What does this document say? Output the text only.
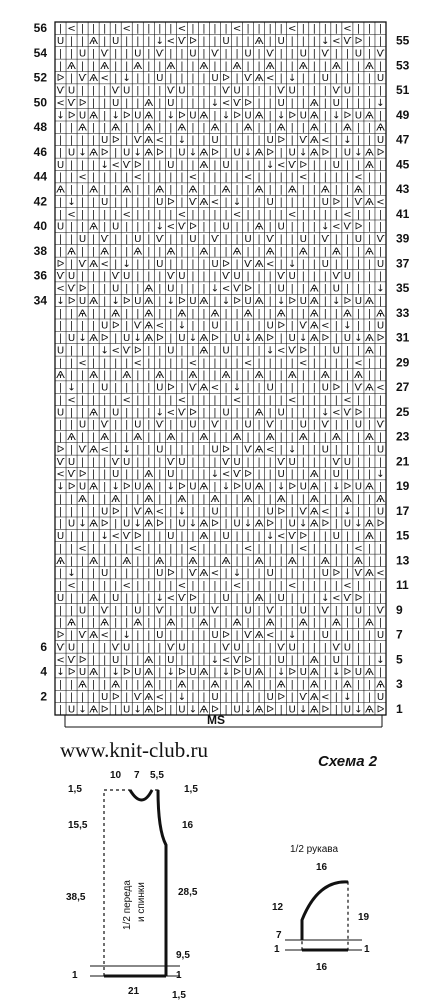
| U ↓ Ѧ ᐅ | U ↓ Ѧ ᐅ | U ↓ Ѧ ᐅ | U ↓ Ѧ ᐅ | U ↓ Ѧ ᐅ | U ↓ Ѧ ᐅ
| | | | U ᐅ | Ѵ Ѧ < | ↓ | | U | | | | U ᐅ | Ѵ Ѧ < | ↓ | | U
| | Ѧ | | Ѧ | | Ѧ | | Ѧ | | Ѧ | | Ѧ | | Ѧ | | Ѧ | | Ѧ | | Ѧ
↓ ᐅ U Ѧ | ↓ ᐅ U Ѧ | ↓ ᐅ U Ѧ | ↓ ᐅ U Ѧ | ↓ ᐅ U Ѧ | ↓ ᐅ U Ѧ |
< Ѵ ᐅ | | U | | Ѧ | U | | | ↓ < Ѵ ᐅ | | U | | Ѧ | U | | | ↓
Ѵ U | | | Ѵ U | | | Ѵ U | | | Ѵ U | | | Ѵ U | | | Ѵ U | | |
ᐅ | Ѵ Ѧ < | ↓ | | U | | | | U ᐅ | Ѵ Ѧ < | ↓ | | U | | | | U
| Ѧ | | Ѧ | | Ѧ | | Ѧ | | Ѧ | | Ѧ | | Ѧ | | Ѧ | | Ѧ | | Ѧ |
| | U | Ѵ | | U | Ѵ | | U | Ѵ | | U | Ѵ | | U | Ѵ | | U | Ѵ
U | | Ѧ | U | | | ↓ < Ѵ ᐅ | | U | | Ѧ | U | | | ↓ < Ѵ ᐅ | |
| < | | | | < | | | | < | | | | < | | | | < | | | | < | | |
| ↓ | | U | | | | U ᐅ | Ѵ Ѧ < | ↓ | | U | | | | U ᐅ | Ѵ Ѧ <
Ѧ | | Ѧ | | Ѧ | | Ѧ | | Ѧ | | Ѧ | | Ѧ | | Ѧ | | Ѧ | | Ѧ | |
| | < | | | | < | | | | < | | | | < | | | | < | | | | < | |
U | | | ↓ < Ѵ ᐅ | | U | | Ѧ | U | | | ↓ < Ѵ ᐅ | | U | | Ѧ |
| U ↓ Ѧ ᐅ | U ↓ Ѧ ᐅ | U ↓ Ѧ ᐅ | U ↓ Ѧ ᐅ | U ↓ Ѧ ᐅ | U ↓ Ѧ ᐅ
| | | | U ᐅ | Ѵ Ѧ < | ↓ | | U | | | | U ᐅ | Ѵ Ѧ < | ↓ | | U
| | Ѧ | | Ѧ | | Ѧ | | Ѧ | | Ѧ | | Ѧ | | Ѧ | | Ѧ | | Ѧ | | Ѧ
↓ ᐅ U Ѧ | ↓ ᐅ U Ѧ | ↓ ᐅ U Ѧ | ↓ ᐅ U Ѧ | ↓ ᐅ U Ѧ | ↓ ᐅ U Ѧ |
< Ѵ ᐅ | | U | | Ѧ | U | | | ↓ < Ѵ ᐅ | | U | | Ѧ | U | | | ↓
Ѵ U | | | Ѵ U | | | Ѵ U | | | Ѵ U | | | Ѵ U | | | Ѵ U | | |
ᐅ | Ѵ Ѧ < | ↓ | | U | | | | U ᐅ | Ѵ Ѧ < | ↓ | | U | | | | U
| Ѧ | | Ѧ | | Ѧ | | Ѧ | | Ѧ | | Ѧ | | Ѧ | | Ѧ | | Ѧ | | Ѧ |
| | U | Ѵ | | U | Ѵ | | U | Ѵ | | U | Ѵ | | U | Ѵ | | U | Ѵ
U | | Ѧ | U | | | ↓ < Ѵ ᐅ | | U | | Ѧ | U | | | ↓ < Ѵ ᐅ | |
| < | | | | < | | | | < | | | | < | | | | < | | | | < | | |
| ↓ | | U | | | | U ᐅ | Ѵ Ѧ < | ↓ | | U | | | | U ᐅ | Ѵ Ѧ <
Ѧ | | Ѧ | | Ѧ | | Ѧ | | Ѧ | | Ѧ | | Ѧ | | Ѧ | | Ѧ | | Ѧ | |
| | < | | | | < | | | | < | | | | < | | | | < | | | | < | |
U | | | ↓ < Ѵ ᐅ | | U | | Ѧ | U | | | ↓ < Ѵ ᐅ | | U | | Ѧ |
| U ↓ Ѧ ᐅ | U ↓ Ѧ ᐅ | U ↓ Ѧ ᐅ | U ↓ Ѧ ᐅ | U ↓ Ѧ ᐅ | U ↓ Ѧ ᐅ
| | | | U ᐅ | Ѵ Ѧ < | ↓ | | U | | | | U ᐅ | Ѵ Ѧ < | ↓ | | U
| | Ѧ | | Ѧ | | Ѧ | | Ѧ | | Ѧ | | Ѧ | | Ѧ | | Ѧ | | Ѧ | | Ѧ
↓ ᐅ U Ѧ | ↓ ᐅ U Ѧ | ↓ ᐅ U Ѧ | ↓ ᐅ U Ѧ | ↓ ᐅ U Ѧ | ↓ ᐅ U Ѧ |
< Ѵ ᐅ | | U | | Ѧ | U | | | ↓ < Ѵ ᐅ | | U | | Ѧ | U | | | ↓
Ѵ U | | | Ѵ U | | | Ѵ U | | | Ѵ U | | | Ѵ U | | | Ѵ U | | |
ᐅ | Ѵ Ѧ < | ↓ | | U | | | | U ᐅ | Ѵ Ѧ < | ↓ | | U | | | | U
| Ѧ | | Ѧ | | Ѧ | | Ѧ | | Ѧ | | Ѧ | | Ѧ | | Ѧ | | Ѧ | | Ѧ |
| | U | Ѵ | | U | Ѵ | | U | Ѵ | | U | Ѵ | | U | Ѵ | | U | Ѵ
U | | Ѧ | U | | | ↓ < Ѵ ᐅ | | U | | Ѧ | U | | | ↓ < Ѵ ᐅ | |
| < | | | | < | | | | < | | | | < | | | | < | | | | < | | |
| ↓ | | U | | | | U ᐅ | Ѵ Ѧ < | ↓ | | U | | | | U ᐅ | Ѵ Ѧ <
Ѧ | | Ѧ | | Ѧ | | Ѧ | | Ѧ | | Ѧ | | Ѧ | | Ѧ | | Ѧ | | Ѧ | |
| | < | | | | < | | | | < | | | | < | | | | < | | | | < | |
U | | | ↓ < Ѵ ᐅ | | U | | Ѧ | U | | | ↓ < Ѵ ᐅ | | U | | Ѧ |
| U ↓ Ѧ ᐅ | U ↓ Ѧ ᐅ | U ↓ Ѧ ᐅ | U ↓ Ѧ ᐅ | U ↓ Ѧ ᐅ | U ↓ Ѧ ᐅ
| | | | U ᐅ | Ѵ Ѧ < | ↓ | | U | | | | U ᐅ | Ѵ Ѧ < | ↓ | | U
| | Ѧ | | Ѧ | | Ѧ | | Ѧ | | Ѧ | | Ѧ | | Ѧ | | Ѧ | | Ѧ | | Ѧ
↓ ᐅ U Ѧ | ↓ ᐅ U Ѧ | ↓ ᐅ U Ѧ | ↓ ᐅ U Ѧ | ↓ ᐅ U Ѧ | ↓ ᐅ U Ѧ |
< Ѵ ᐅ | | U | | Ѧ | U | | | ↓ < Ѵ ᐅ | | U | | Ѧ | U | | | ↓
Ѵ U | | | Ѵ U | | | Ѵ U | | | Ѵ U | | | Ѵ U | | | Ѵ U | | |
ᐅ | Ѵ Ѧ < | ↓ | | U | | | | U ᐅ | Ѵ Ѧ < | ↓ | | U | | | | U
| Ѧ | | Ѧ | | Ѧ | | Ѧ | | Ѧ | | Ѧ | | Ѧ | | Ѧ | | Ѧ | | Ѧ |
| | U | Ѵ | | U | Ѵ | | U | Ѵ | | U | Ѵ | | U | Ѵ | | U | Ѵ
U | | Ѧ | U | | | ↓ < Ѵ ᐅ | | U | | Ѧ | U | | | ↓ < Ѵ ᐅ | |
| < | | | | < | | | | < | | | | < | | | | < | | | | < | | |
2
4
6
34
36
38
40
42
44
46
48
50
52
54
56
1
3
5
7
9
11
13
15
17
19
21
23
25
27
29
31
33
35
37
39
41
43
45
47
49
51
53
55
MS
www.knit-club.ru	Схема 2
10 7 5,5
1,5
15,5
38,5
1
1,5
16
28,5
9,5
1
21	1,5
1/2 переда и спинки
1/2 рукава
16
12
7
1
19
1
16
